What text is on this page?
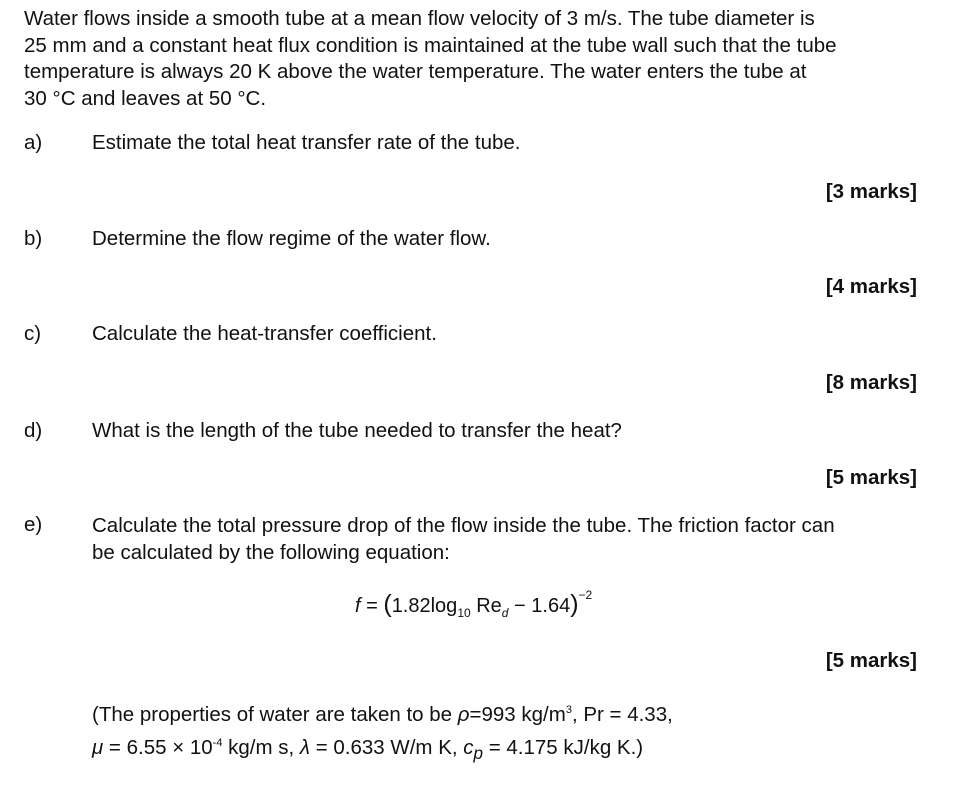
Water flows inside a smooth tube at a mean flow velocity of 3 m/s. The tube diameter is
25 mm and a constant heat flux condition is maintained at the tube wall such that the tube
temperature is always 20 K above the water temperature. The water enters the tube at
30 °C and leaves at 50 °C.
a) Estimate the total heat transfer rate of the tube.
[3 marks]
b) Determine the flow regime of the water flow.
[4 marks]
c) Calculate the heat-transfer coefficient.
[8 marks]
d) What is the length of the tube needed to transfer the heat?
[5 marks]
e) Calculate the total pressure drop of the flow inside the tube. The friction factor can
be calculated by the following equation:
$f = (1.82\log_{10}$ $Re_d - 1.64)^{-2}$
[5 marks]
(The properties of water are taken to be ρ=993 $kg/m^3$, Pr = 4.33,
$\mu = 6.55 \times 10^{-4}$ kg/m s, λ = 0.633 W/m K, $c_p = 4.175$ kJ/kg K.)
